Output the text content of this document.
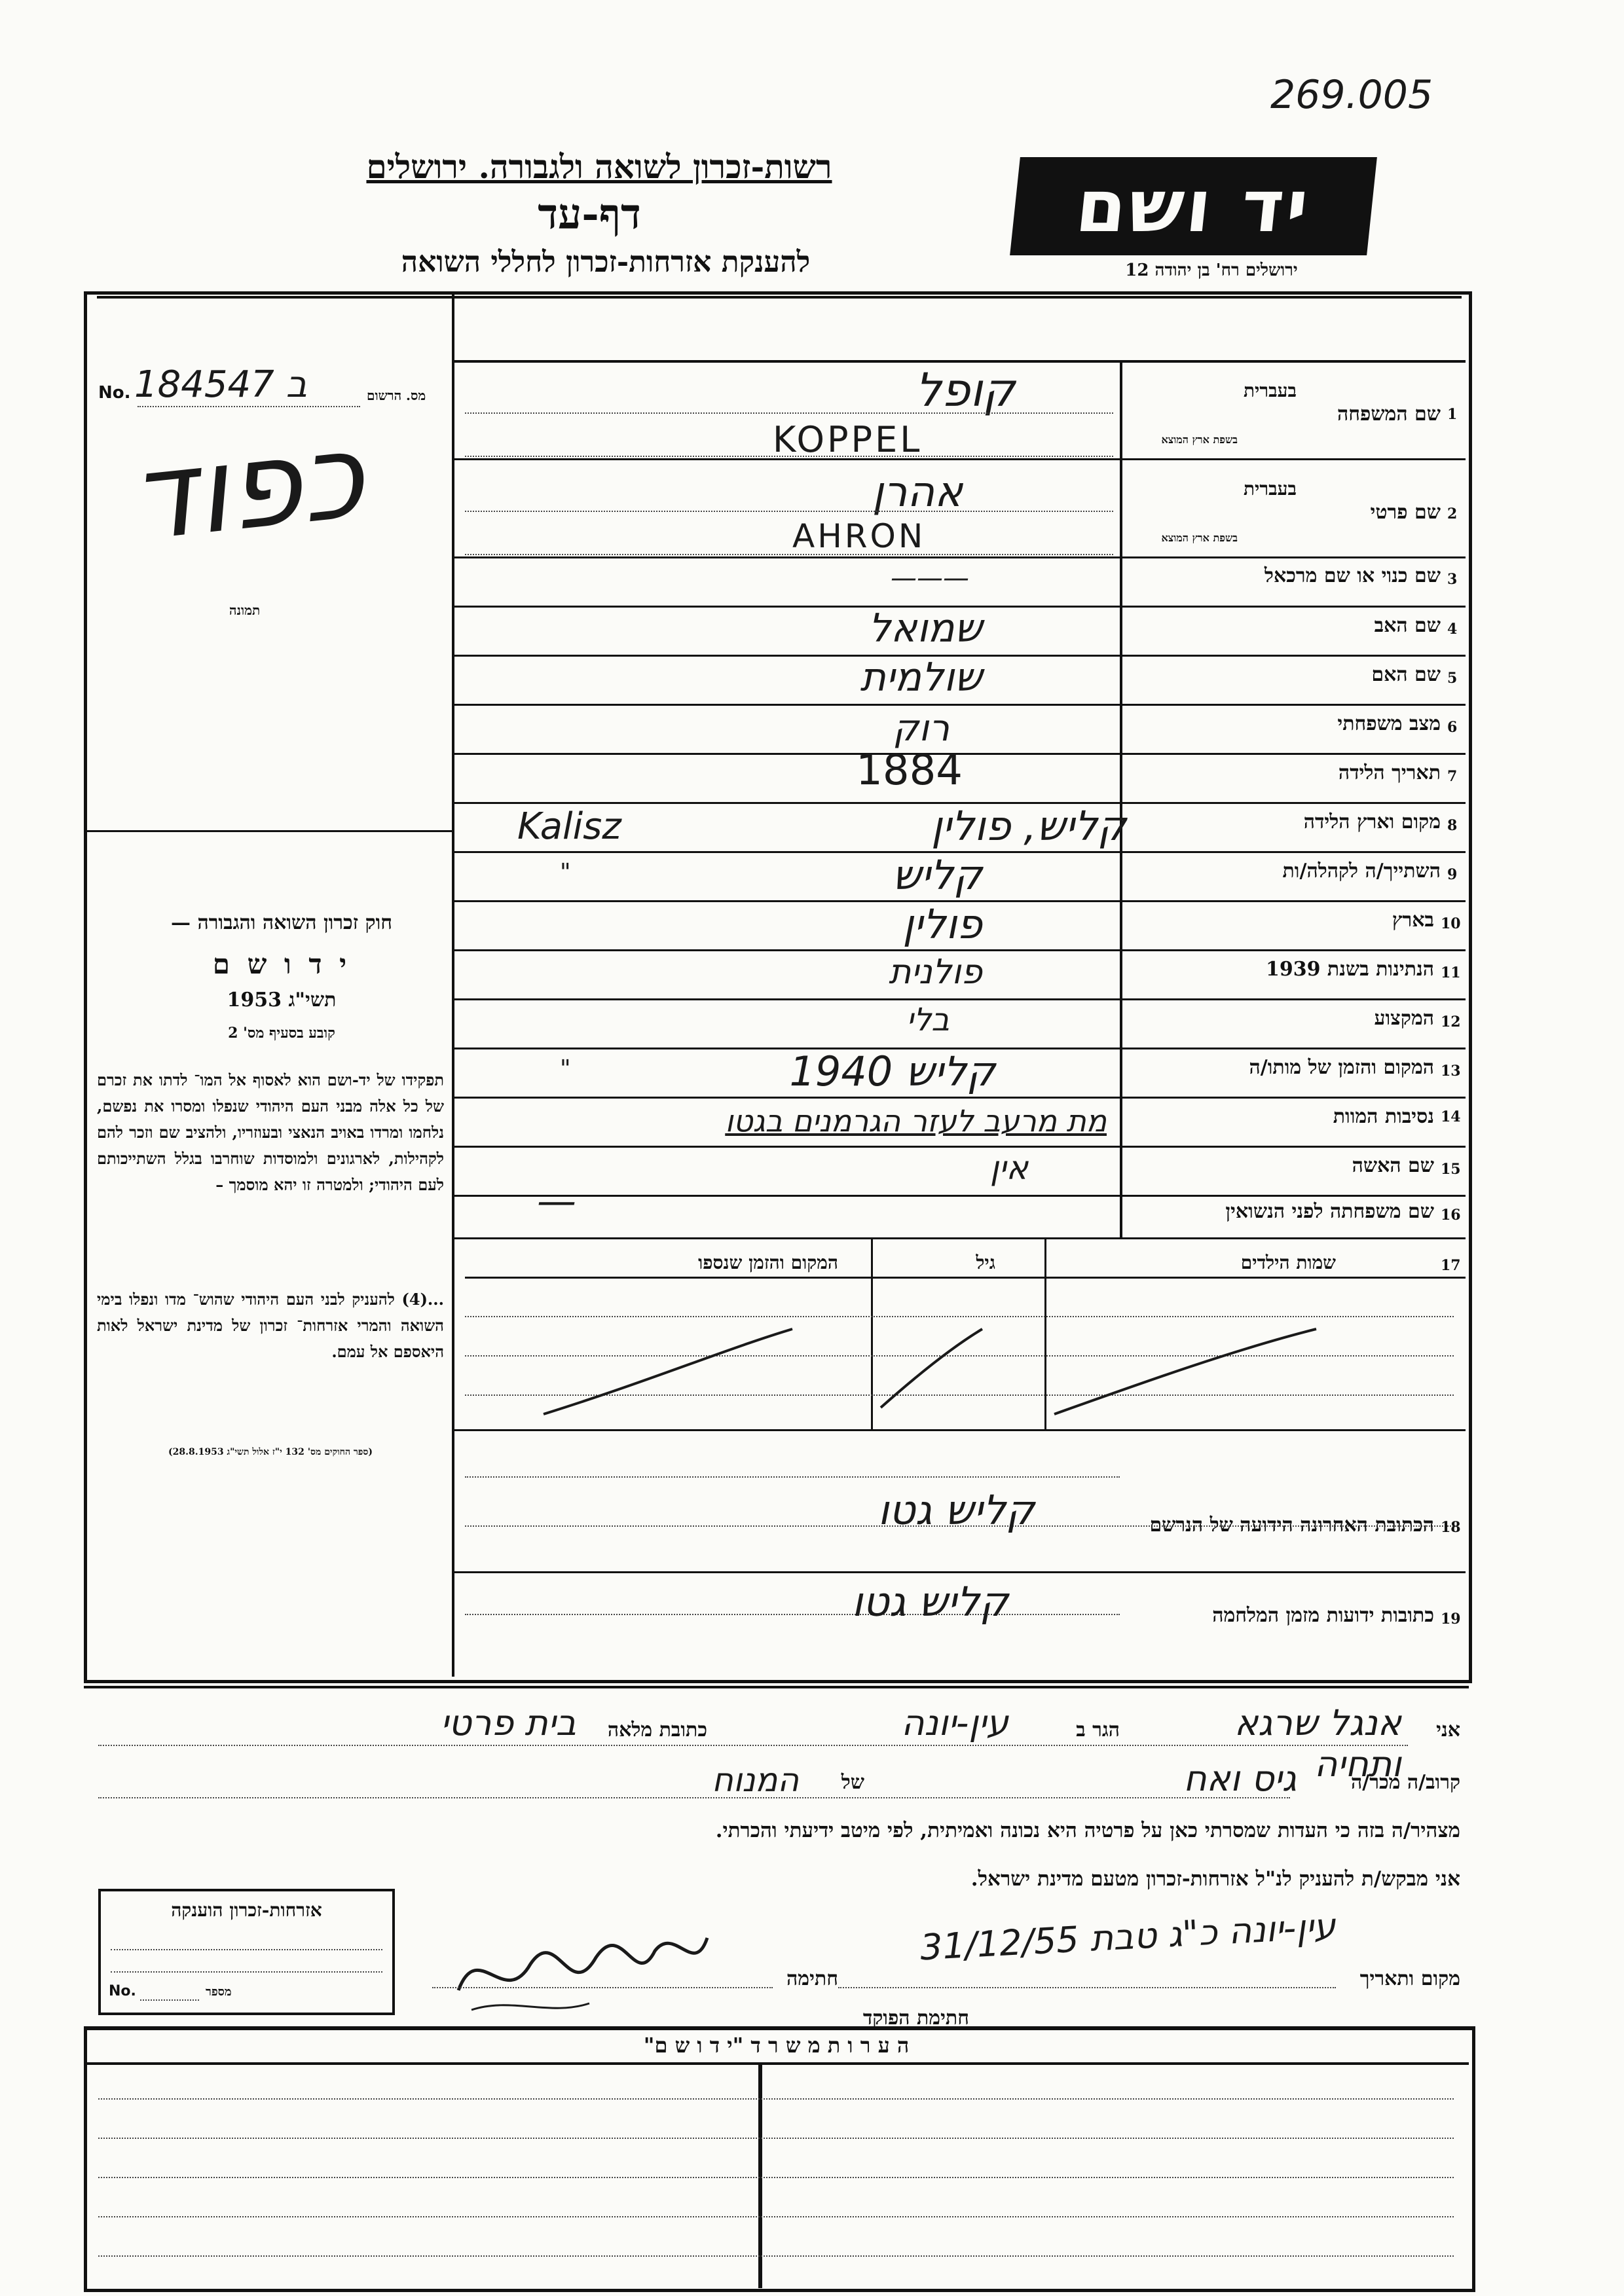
269.005
רשות-זכרון לשואה ולגבורה. ירושלים
דף-עד
להענקת אזרחות-זכרון לחללי השואה
יד ושם
ירושלים רח' בן יהודה 12
No. ב 184547	מס. הרשום
כפוד
תמונה
חוק זכרון השואה והגבורה —
י ד ו ש ם
תשי"ג 1953
קובע בסעיף מס' 2
תפקידו של יד-ושם הוא לאסוף אל המו־ לדתו את זכרם של כל אלה מבני העם היהודי שנפלו ומסרו את נפשם, נלחמו ומרדו באויב הנאצי ובעוזריו, ולהציב שם וזכר להם לקהילות, לארגונים ולמוסדות שוחרבו בגלל השתייכותם לעם היהודי; ולמטרה זו יהא מוסמך –
...(4) להעניק לבני העם היהודי שהוש־ מדו ונפלו בימי השואה והמרי אזרחות־ זכרון של מדינת ישראל לאות היאספם אל עמם.
(ספר החוקים מס' 132 י"ז אלול תשי"ג 28.8.1953)
1
שם המשפחה
בעברית
בשפת ארץ המוצא
קופל
KOPPEL
2
שם פרטי
בעברית
בשפת ארץ המוצא
אהרן
AHRON
3
שם כנוי או שם מרכאל
———
4
שם האב
שמואל
5
שם האם
שולמית
6
מצב משפחתי
רוק
7
תאריך הלידה
1884
8
מקום וארץ הלידה
קליש, פולין
Kalisz
9
השתייך/ה לקהלה/ות
קליש
"
10
בארץ
פולין
11
הנתינות בשנת 1939
פולנית
12
המקצוע
בלי
13
המקום והזמן של מותו/ה
קליש 1940
"
14
נסיבות המוות
מת מרעב לעזר הגרמנים בגטו
15
שם האשה
אין
16
שם משפחתה לפני הנשואין
—
17
שמות הילדים
גיל
המקום והזמן שנספו
18
הכתובת האחרונה הידועה של הנרשם
קליש גטו
19
כתובות ידועות מזמן המלחמה
קליש גטו
אני
אנגל שרגא ותחיה
הגר ב
עין-יונה
כתובת מלאה
בית פרטי
קרוב/ה מכר/ה
גיס ואח
של
המנוח
מצהיר/ה בזה כי העדות שמסרתי כאן על פרטיה היא נכונה ואמיתית, לפי מיטב ידיעתי והכרתי.
אני מבקש/ת להעניק לנ"ל אזרחות-זכרון מטעם מדינת ישראל.
מקום ותאריך
עין-יונה כ"ג טבת 31/12/55
חתימה
חתימת הפוקד
אזרחות-זכרון הוענקה
No.	מספר
ה ע ר ו ת מ ש ר ד "י ד ו ש ם"
